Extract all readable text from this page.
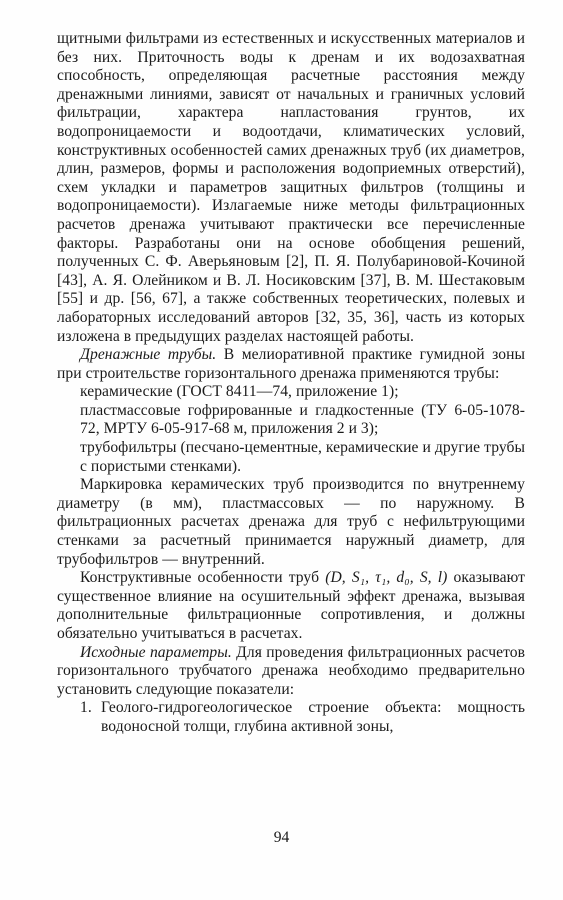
щитными фильтрами из естественных и искусственных материалов и без них. Приточность воды к дренам и их водозахватная способность, определяющая расчетные расстояния между дренажными линиями, зависят от начальных и граничных условий фильтрации, характера напластования грунтов, их водопроницаемости и водоотдачи, климатических условий, конструктивных особенностей самих дренажных труб (их диаметров, длин, размеров, формы и расположения водоприемных отверстий), схем укладки и параметров защитных фильтров (толщины и водопроницаемости). Излагаемые ниже методы фильтрационных расчетов дренажа учитывают практически все перечисленные факторы. Разработаны они на основе обобщения решений, полученных С. Ф. Аверьяновым [2], П. Я. Полубариновой-Кочиной [43], А. Я. Олейником и В. Л. Носиковским [37], В. М. Шестаковым [55] и др. [56, 67], а также собственных теоретических, полевых и лабораторных исследований авторов [32, 35, 36], часть из которых изложена в предыдущих разделах настоящей работы.

Дренажные трубы. В мелиоративной практике гумидной зоны при строительстве горизонтального дренажа применяются трубы:

керамические (ГОСТ 8411—74, приложение 1);

пластмассовые гофрированные и гладкостенные (ТУ 6-05-1078-72, МРТУ 6-05-917-68 м, приложения 2 и 3);

трубофильтры (песчано-цементные, керамические и другие трубы с пористыми стенками).

Маркировка керамических труб производится по внутреннему диаметру (в мм), пластмассовых — по наружному. В фильтрационных расчетах дренажа для труб с нефильтрующими стенками за расчетный принимается наружный диаметр, для трубофильтров — внутренний.

Конструктивные особенности труб (D, S₁, τ₁, d₀, S, l) оказывают существенное влияние на осушительный эффект дренажа, вызывая дополнительные фильтрационные сопротивления, и должны обязательно учитываться в расчетах.

Исходные параметры. Для проведения фильтрационных расчетов горизонтального трубчатого дренажа необходимо предварительно установить следующие показатели:

1. Геолого-гидрогеологическое строение объекта: мощность водоносной толщи, глубина активной зоны,
94
